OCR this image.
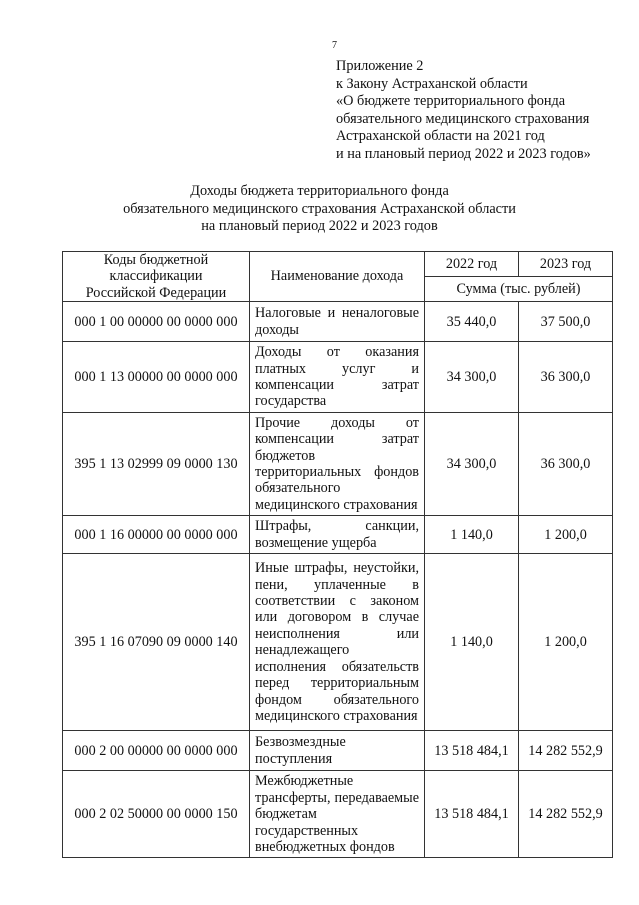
7
Приложение 2
к Закону Астраханской области
«О бюджете территориального фонда
обязательного медицинского страхования
Астраханской области на 2021 год
и на плановый период 2022 и 2023 годов»
Доходы бюджета территориального фонда
обязательного медицинского страхования Астраханской области
на плановый период 2022 и 2023 годов
Коды бюджетной
классификации
Российской Федерации	Наименование дохода	2022 год	2023 год
		Сумма (тыс. рублей)	
000 1 00 00000 00 0000 000	Налоговые и неналоговые доходы	35 440,0	37 500,0
000 1 13 00000 00 0000 000	Доходы от оказания платных услуг и компенсации затрат государства	34 300,0	36 300,0
395 1 13 02999 09 0000 130	Прочие доходы от компенсации затрат бюджетов территориальных фондов обязательного медицинского страхования	34 300,0	36 300,0
000 1 16 00000 00 0000 000	Штрафы, санкции, возмещение ущерба	1 140,0	1 200,0
395 1 16 07090 09 0000 140	Иные штрафы, неустойки, пени, уплаченные в соответствии с законом или договором в случае неисполнения или ненадлежащего исполнения обязательств перед территориальным фондом обязательного медицинского страхования	1 140,0	1 200,0
000 2 00 00000 00 0000 000	Безвозмездные поступления	13 518 484,1	14 282 552,9
000 2 02 50000 00 0000 150	Межбюджетные трансферты, передаваемые бюджетам государственных внебюджетных фондов	13 518 484,1	14 282 552,9
